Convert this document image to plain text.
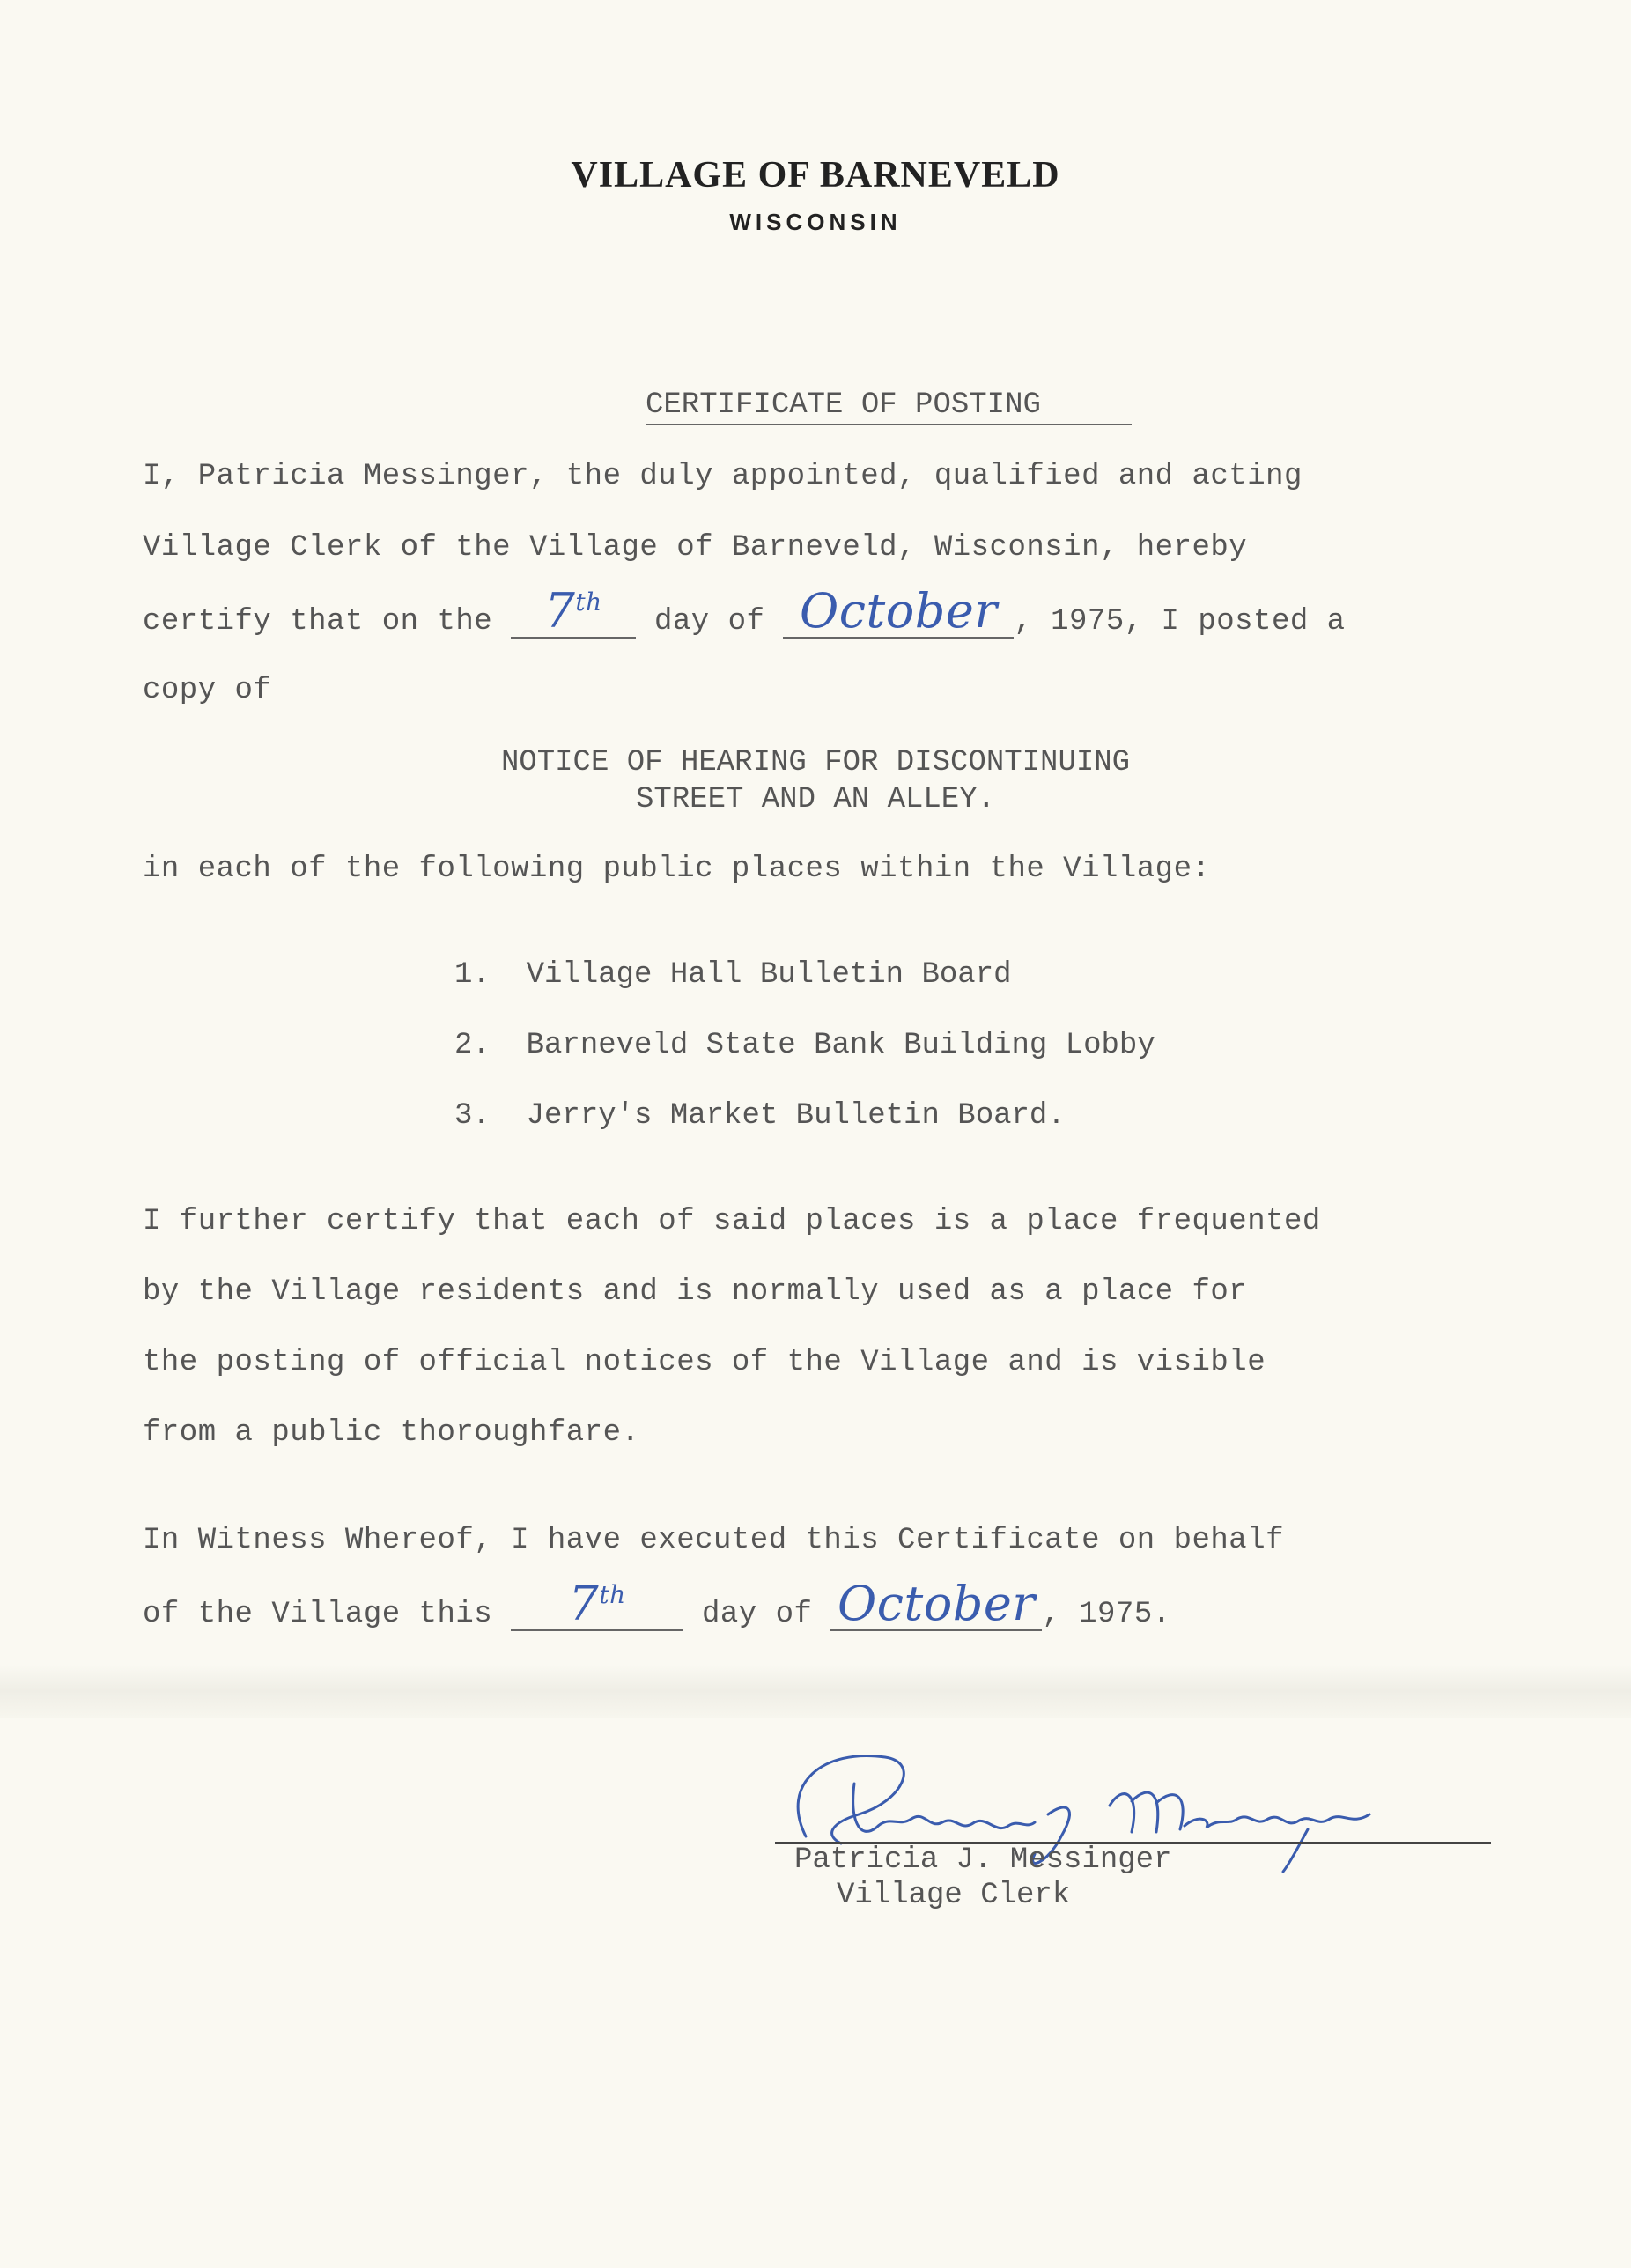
VILLAGE OF BARNEVELD
WISCONSIN
CERTIFICATE OF POSTING
I, Patricia Messinger, the duly appointed, qualified and acting
Village Clerk of the Village of Barneveld, Wisconsin, hereby
certify that on the 7th
day of October , 1975, I posted a
copy of
NOTICE OF HEARING FOR DISCONTINUING
STREET AND AN ALLEY.
in each of the following public places within the Village:
1.  Village Hall Bulletin Board
2.  Barneveld State Bank Building Lobby
3.  Jerry's Market Bulletin Board.
I further certify that each of said places is a place frequented
by the Village residents and is normally used as a place for
the posting of official notices of the Village and is visible
from a public thoroughfare.
In Witness Whereof, I have executed this Certificate on behalf
of the Village this	7th
day of October , 1975.
Patricia J. Messinger
Village Clerk
